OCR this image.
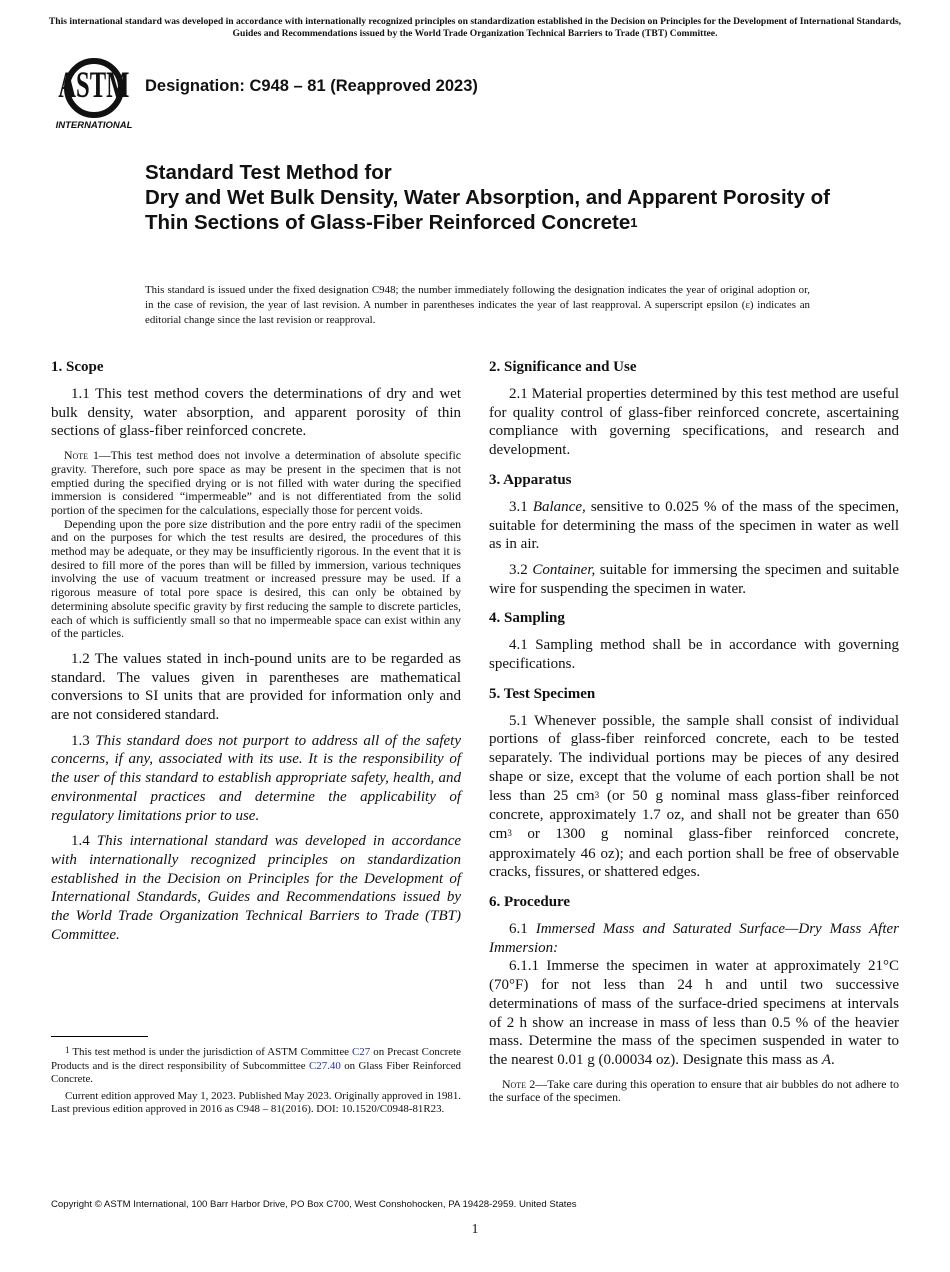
This international standard was developed in accordance with internationally recognized principles on standardization established in the Decision on Principles for the Development of International Standards, Guides and Recommendations issued by the World Trade Organization Technical Barriers to Trade (TBT) Committee.
ASTM
INTERNATIONAL
Designation: C948 – 81 (Reapproved 2023)
Standard Test Method for
Dry and Wet Bulk Density, Water Absorption, and Apparent Porosity of Thin Sections of Glass-Fiber Reinforced Concrete$^1$
This standard is issued under the fixed designation C948; the number immediately following the designation indicates the year of original adoption or, in the case of revision, the year of last revision. A number in parentheses indicates the year of last reapproval. A superscript epsilon (ε) indicates an editorial change since the last revision or reapproval.
1. Scope

1.1 This test method covers the determinations of dry and wet bulk density, water absorption, and apparent porosity of thin sections of glass-fiber reinforced concrete.

Note 1—This test method does not involve a determination of absolute specific gravity. Therefore, such pore space as may be present in the specimen that is not emptied during the specified drying or is not filled with water during the specified immersion is considered “impermeable” and is not differentiated from the solid portion of the specimen for the calculations, especially those for percent voids.

Depending upon the pore size distribution and the pore entry radii of the specimen and on the purposes for which the test results are desired, the procedures of this method may be adequate, or they may be insufficiently rigorous. In the event that it is desired to fill more of the pores than will be filled by immersion, various techniques involving the use of vacuum treatment or increased pressure may be used. If a rigorous measure of total pore space is desired, this can only be obtained by determining absolute specific gravity by first reducing the sample to discrete particles, each of which is sufficiently small so that no impermeable space can exist within any of the particles.

1.2 The values stated in inch-pound units are to be regarded as standard. The values given in parentheses are mathematical conversions to SI units that are provided for information only and are not considered standard.

1.3 This standard does not purport to address all of the safety concerns, if any, associated with its use. It is the responsibility of the user of this standard to establish appropriate safety, health, and environmental practices and determine the applicability of regulatory limitations prior to use.

1.4 This international standard was developed in accordance with internationally recognized principles on standardization established in the Decision on Principles for the Development of International Standards, Guides and Recommendations issued by the World Trade Organization Technical Barriers to Trade (TBT) Committee.

$^1$ This test method is under the jurisdiction of ASTM Committee C27 on Precast Concrete Products and is the direct responsibility of Subcommittee C27.40 on Glass Fiber Reinforced Concrete.

Current edition approved May 1, 2023. Published May 2023. Originally approved in 1981. Last previous edition approved in 2016 as C948 – 81(2016). DOI: 10.1520/C0948-81R23.

2. Significance and Use

2.1 Material properties determined by this test method are useful for quality control of glass-fiber reinforced concrete, ascertaining compliance with governing specifications, and research and development.

3. Apparatus

3.1 Balance, sensitive to 0.025 % of the mass of the specimen, suitable for determining the mass of the specimen in water as well as in air.

3.2 Container, suitable for immersing the specimen and suitable wire for suspending the specimen in water.

4. Sampling

4.1 Sampling method shall be in accordance with governing specifications.

5. Test Specimen

5.1 Whenever possible, the sample shall consist of individual portions of glass-fiber reinforced concrete, each to be tested separately. The individual portions may be pieces of any desired shape or size, except that the volume of each portion shall be not less than 25 $cm^3$ (or 50 g nominal mass glass-fiber reinforced concrete, approximately 1.7 oz, and shall not be greater than 650 $cm^3$ or 1300 g nominal glass-fiber reinforced concrete, approximately 46 oz); and each portion shall be free of observable cracks, fissures, or shattered edges.

6. Procedure

6.1 Immersed Mass and Saturated Surface—Dry Mass After Immersion:

6.1.1 Immerse the specimen in water at approximately 21°C (70°F) for not less than 24 h and until two successive determinations of mass of the surface-dried specimens at intervals of 2 h show an increase in mass of less than 0.5 % of the heavier mass. Determine the mass of the specimen suspended in water to the nearest 0.01 g (0.00034 oz). Designate this mass as A.

Note 2—Take care during this operation to ensure that air bubbles do not adhere to the surface of the specimen.

Copyright © ASTM International, 100 Barr Harbor Drive, PO Box C700, West Conshohocken, PA 19428-2959. United States
1
